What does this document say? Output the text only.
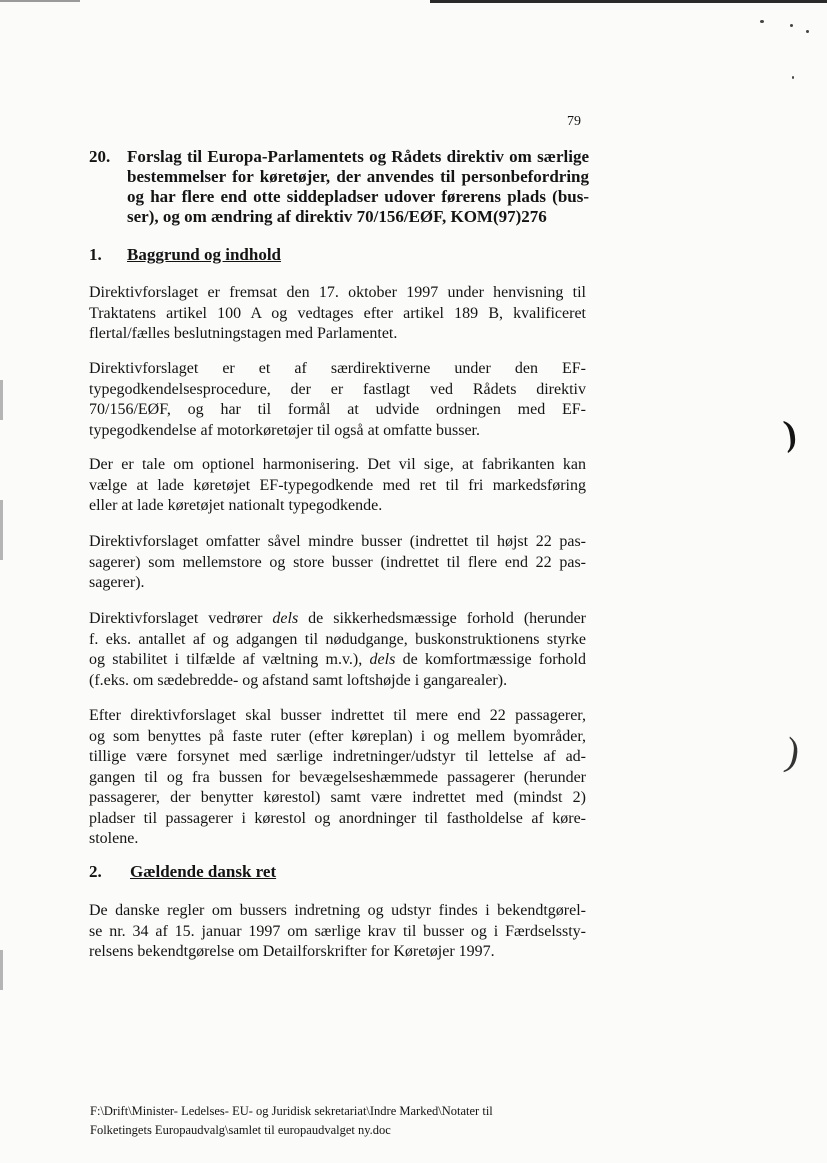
79
20. Forslag til Europa-Parlamentets og Rådets direktiv om særlige
bestemmelser for køretøjer, der anvendes til personbefordring
og har flere end otte siddepladser udover førerens plads (bus-
ser), og om ændring af direktiv 70/156/EØF, KOM(97)276
1. Baggrund og indhold
Direktivforslaget er fremsat den 17. oktober 1997 under henvisning til
Traktatens artikel 100 A og vedtages efter artikel 189 B, kvalificeret
flertal/fælles beslutningstagen med Parlamentet.
Direktivforslaget er et af særdirektiverne under den EF-
typegodkendelsesprocedure, der er fastlagt ved Rådets direktiv
70/156/EØF, og har til formål at udvide ordningen med EF-
typegodkendelse af motorkøretøjer til også at omfatte busser.
Der er tale om optionel harmonisering. Det vil sige, at fabrikanten kan
vælge at lade køretøjet EF-typegodkende med ret til fri markedsføring
eller at lade køretøjet nationalt typegodkende.
Direktivforslaget omfatter såvel mindre busser (indrettet til højst 22 pas-
sagerer) som mellemstore og store busser (indrettet til flere end 22 pas-
sagerer).
Direktivforslaget vedrører dels de sikkerhedsmæssige forhold (herunder
f. eks. antallet af og adgangen til nødudgange, buskonstruktionens styrke
og stabilitet i tilfælde af væltning m.v.), dels de komfortmæssige forhold
(f.eks. om sædebredde- og afstand samt loftshøjde i gangarealer).
Efter direktivforslaget skal busser indrettet til mere end 22 passagerer,
og som benyttes på faste ruter (efter køreplan) i og mellem byområder,
tillige være forsynet med særlige indretninger/udstyr til lettelse af ad-
gangen til og fra bussen for bevægelseshæmmede passagerer (herunder
passagerer, der benytter kørestol) samt være indrettet med (mindst 2)
pladser til passagerer i kørestol og anordninger til fastholdelse af køre-
stolene.
2. Gældende dansk ret
De danske regler om bussers indretning og udstyr findes i bekendtgørel-
se nr. 34 af 15. januar 1997 om særlige krav til busser og i Færdselssty-
relsens bekendtgørelse om Detailforskrifter for Køretøjer 1997.
F:\Drift\Minister- Ledelses- EU- og Juridisk sekretariat\Indre Marked\Notater til
Folketingets Europaudvalg\samlet til europaudvalget ny.doc
)
)
